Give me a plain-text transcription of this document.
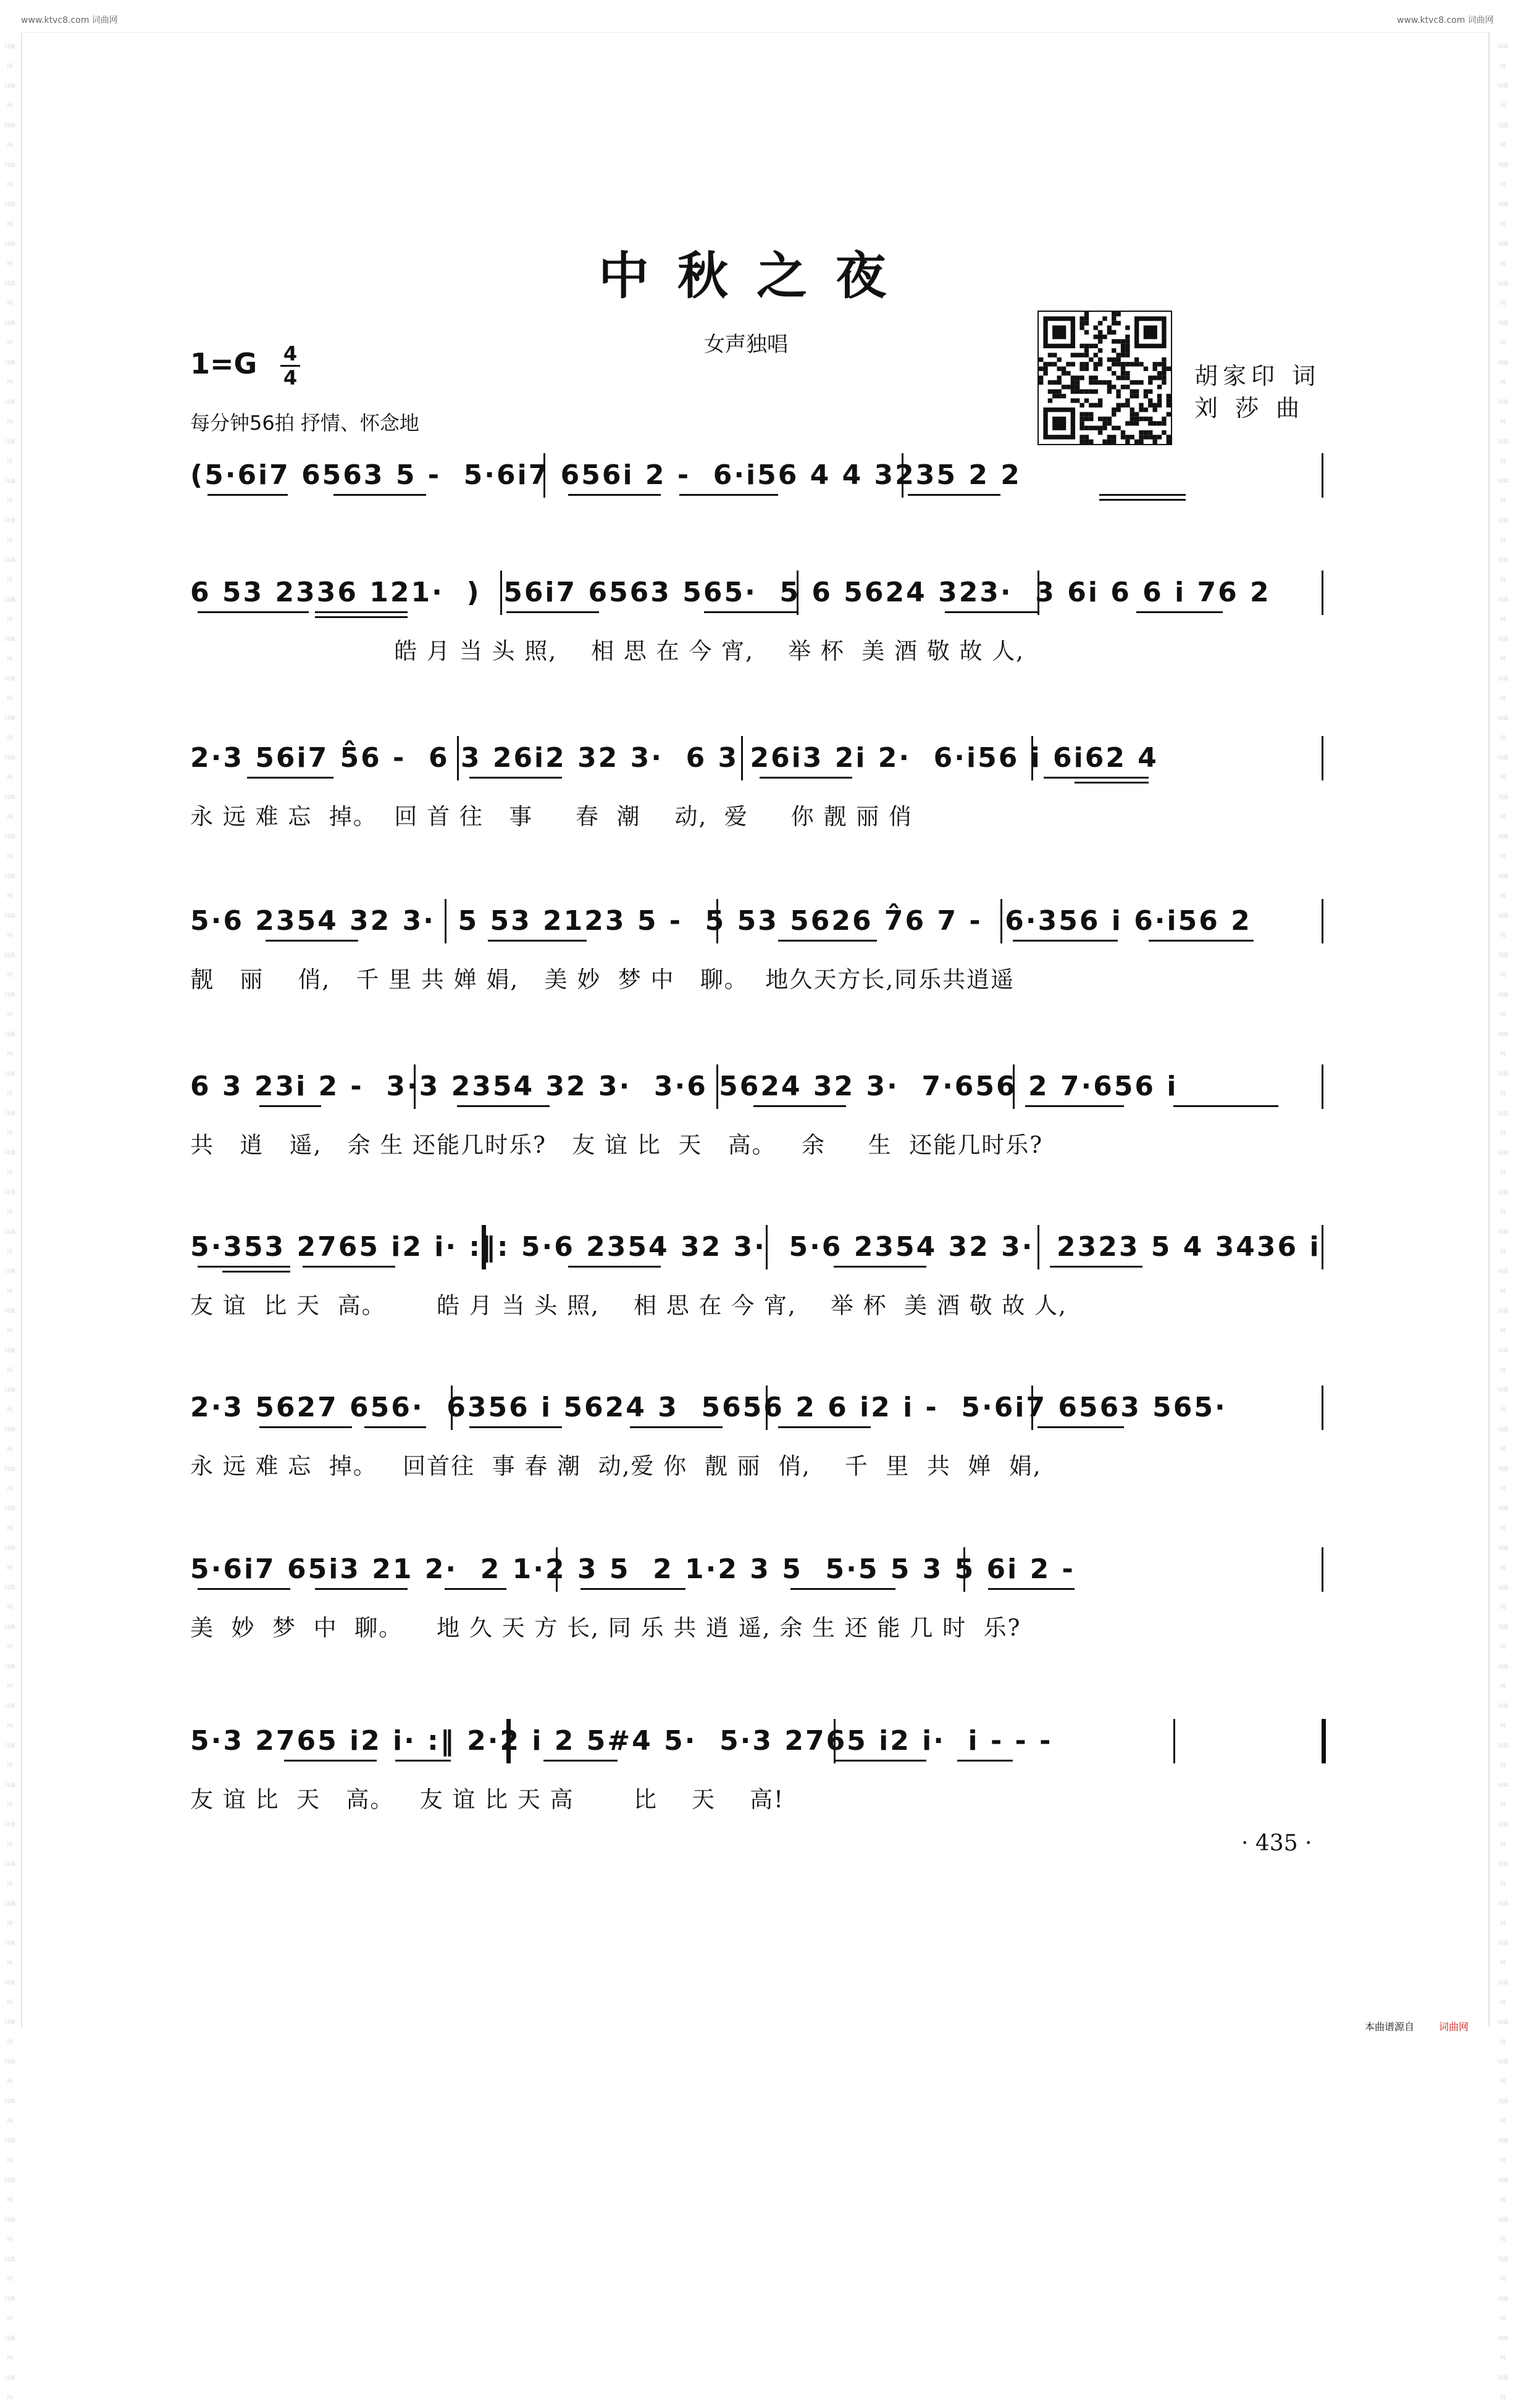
词曲网 词曲网 词曲网 词曲网 词曲网 词曲网 词曲网 词曲网 词曲网 词曲网 词曲网 词曲网 词曲网 词曲网 词曲网 词曲网 词曲网 词曲网 词曲网 词曲网 词曲网 词曲网 词曲网 词曲网 词曲网 词曲网 词曲网 词曲网 词曲网 词曲网 词曲网 词曲网 词曲网 词曲网 词曲网 词曲网 词曲网 词曲网 词曲网 词曲网 词曲网 词曲网 词曲网 词曲网 词曲网 词曲网 词曲网 词曲网 词曲网 词曲网 词曲网 词曲网 词曲网 词曲网 词曲网 词曲网 词曲网 词曲网 词曲网 词曲网
词曲网 词曲网 词曲网 词曲网 词曲网 词曲网 词曲网 词曲网 词曲网 词曲网 词曲网 词曲网 词曲网 词曲网 词曲网 词曲网 词曲网 词曲网 词曲网 词曲网 词曲网 词曲网 词曲网 词曲网 词曲网 词曲网 词曲网 词曲网 词曲网 词曲网 词曲网 词曲网 词曲网 词曲网 词曲网 词曲网 词曲网 词曲网 词曲网 词曲网 词曲网 词曲网 词曲网 词曲网 词曲网 词曲网 词曲网 词曲网 词曲网 词曲网 词曲网 词曲网 词曲网 词曲网 词曲网 词曲网 词曲网 词曲网 词曲网 词曲网
www.ktvc8.com 词曲网	www.ktvc8.com 词曲网
中秋之夜
女声独唱
1=G 4
4
每分钟56拍 抒情、怀念地
胡家印 词
刘 莎 曲
(5·6i7 6563 5 -  5·6i7 656i 2 -  6·i56 4 4 3235 2 2
6 53 2336 121·  )  56i7 6563 565·  5 6 5624 323·  3 6i 6 6 i 76 2
皓 月 当 头 照,    相 思 在 今 宵,    举 杯  美 酒 敬 故 人,
2·3 56i7 5̂6 -  6 3 26i2 32 3·  6 3 26i3 2i 2·  6·i56 i 6i62 4
永 远 难 忘  掉。  回 首 往   事     春  潮    动,  爱     你 靓 丽 俏
5·6 2354 32 3·  5 53 2123 5 -  5 53 5626 7̂6 7 -  6·356 i 6·i56 2
靓   丽    俏,   千 里 共 婵 娟,   美 妙  梦 中   聊。  地久天方长,同乐共逍遥
6 3 23i 2 -  3·3 2354 32 3·  3·6 5624 32 3·  7·656 2 7·656 i
共   逍   遥,   余 生 还能几时乐?   友 谊 比  天   高。   余     生  还能几时乐?
5·353 2765 i2 i· :‖: 5·6 2354 32 3·  5·6 2354 32 3·  2323 5 4 3436 i
友 谊  比 天  高。      皓 月 当 头 照,    相 思 在 今 宵,    举 杯  美 酒 敬 故 人,
2·3 5627 656·  6356 i 5624 3  5656 2 6 i̇2 i -  5·6i7 6563 565·
永 远 难 忘  掉。   回首往  事 春 潮  动,爱 你  靓 丽  俏,    千  里  共  婵  娟,
5·6i7 65i3 21 2·  2 1·2 3 5  2 1·2 3 5  5·5 5 3 5 6i 2 -
美  妙  梦  中  聊。    地 久 天 方 长, 同 乐 共 逍 遥, 余 生 还 能 几 时  乐?
5·3 2765 i2 i· :‖ 2·2 i 2 5#4 5·  5·3 2765 i2 i·  i - - -
友 谊 比  天   高。   友 谊 比 天 高       比    天    高!
· 435 ·
本曲谱源自 词曲网
